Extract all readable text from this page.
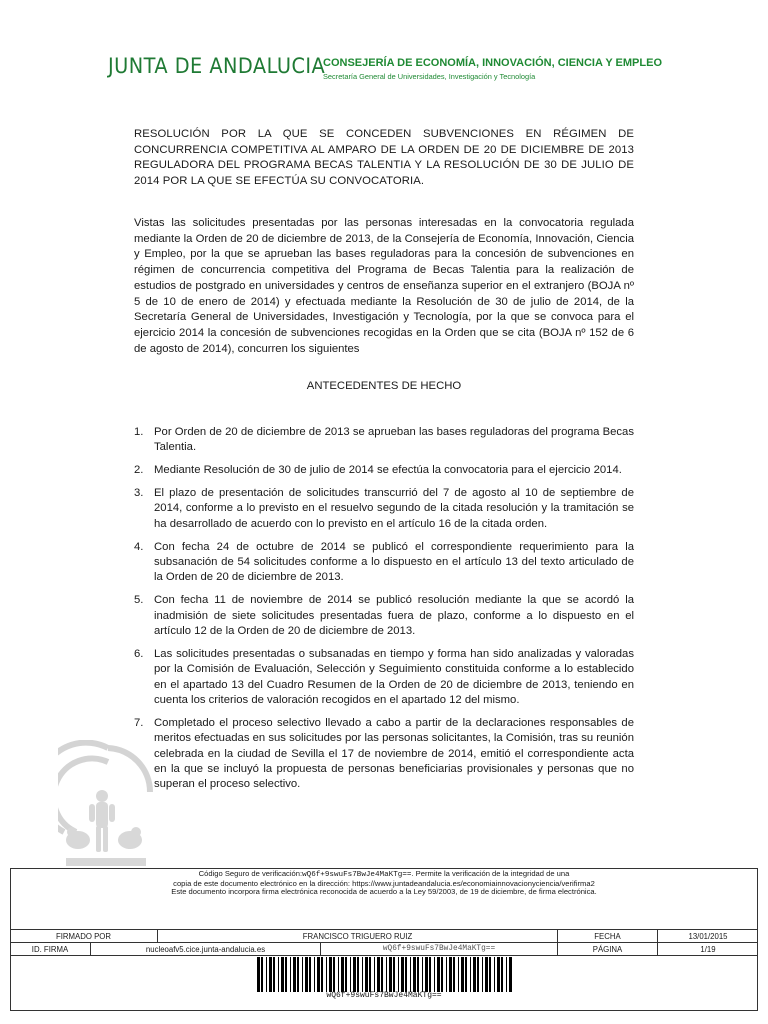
JUNTA DE ANDALUCIA
CONSEJERÍA DE ECONOMÍA, INNOVACIÓN, CIENCIA Y EMPLEO
Secretaría General de Universidades, Investigación y Tecnología
RESOLUCIÓN POR LA QUE SE CONCEDEN SUBVENCIONES EN RÉGIMEN DE CONCURRENCIA COMPETITIVA AL AMPARO DE LA ORDEN DE 20 DE DICIEMBRE DE 2013 REGULADORA DEL PROGRAMA BECAS TALENTIA Y LA RESOLUCIÓN DE 30 DE JULIO DE 2014 POR LA QUE SE EFECTÚA SU CONVOCATORIA.
Vistas las solicitudes presentadas por las personas interesadas en la convocatoria regulada mediante la Orden de 20 de diciembre de 2013, de la Consejería de Economía, Innovación, Ciencia y Empleo, por la que se aprueban las bases reguladoras para la concesión de subvenciones en régimen de concurrencia competitiva del Programa de Becas Talentia para la realización de estudios de postgrado en universidades y centros de enseñanza superior en el extranjero (BOJA nº 5 de 10 de enero de 2014) y efectuada mediante la Resolución de 30 de julio de 2014, de la Secretaría General de Universidades, Investigación y Tecnología, por la que se convoca para el ejercicio 2014 la concesión de subvenciones recogidas en la Orden que se cita (BOJA nº 152 de 6 de agosto de 2014), concurren los siguientes
ANTECEDENTES DE HECHO
1. Por Orden de 20 de diciembre de 2013 se aprueban las bases reguladoras del programa Becas Talentia.
2. Mediante Resolución de 30 de julio de 2014 se efectúa la convocatoria para el ejercicio 2014.
3. El plazo de presentación de solicitudes transcurrió del 7 de agosto al 10 de septiembre de 2014, conforme a lo previsto en el resuelvo segundo de la citada resolución y la tramitación se ha desarrollado de acuerdo con lo previsto en el artículo 16 de la citada orden.
4. Con fecha 24 de octubre de 2014 se publicó el correspondiente requerimiento para la subsanación de 54 solicitudes conforme a lo dispuesto en el artículo 13 del texto articulado de la Orden de 20 de diciembre de 2013.
5. Con fecha 11 de noviembre de 2014 se publicó resolución mediante la que se acordó la inadmisión de siete solicitudes presentadas fuera de plazo, conforme a lo dispuesto en el artículo 12 de la Orden de 20 de diciembre de 2013.
6. Las solicitudes presentadas o subsanadas en tiempo y forma han sido analizadas y valoradas por la Comisión de Evaluación, Selección y Seguimiento constituida conforme a lo establecido en el apartado 13 del Cuadro Resumen de la Orden de 20 de diciembre de 2013, teniendo en cuenta los criterios de valoración recogidos en el apartado 12 del mismo.
7. Completado el proceso selectivo llevado a cabo a partir de la declaraciones responsables de meritos efectuadas en sus solicitudes por las personas solicitantes, la Comisión, tras su reunión celebrada en la ciudad de Sevilla el 17 de noviembre de 2014, emitió el correspondiente acta en la que se incluyó la propuesta de personas beneficiarias provisionales y personas que no superan el proceso selectivo.
Código Seguro de verificación:wQ6f+9swuFs7BwJe4MaKTg==. Permite la verificación de la integridad de una
copia de este documento electrónico en la dirección: https://www.juntadeandalucia.es/economiainnovacionyciencia/verifirma2
Este documento incorpora firma electrónica reconocida de acuerdo a la Ley 59/2003, de 19 de diciembre, de firma electrónica.
FIRMADO POR	FRANCISCO TRIGUERO RUIZ	FECHA	13/01/2015
ID. FIRMA	nucleoafv5.cice.junta-andalucia.es	wQ6f+9swuFs7BwJe4MaKTg==	PÁGINA	1/19
wQ6f+9swuFs7BwJe4MaKTg==
